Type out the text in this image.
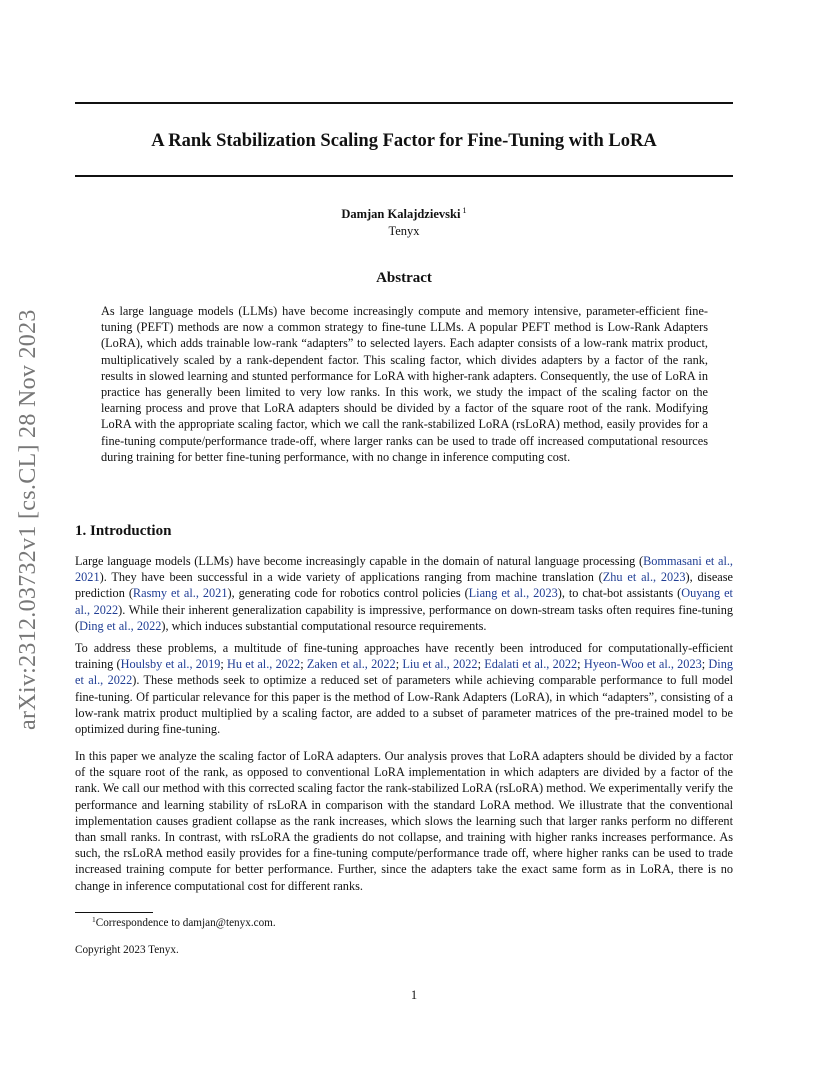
arXiv:2312.03732v1 [cs.CL] 28 Nov 2023
A Rank Stabilization Scaling Factor for Fine-Tuning with LoRA
Damjan Kalajdzievski $^1$
Tenyx
Abstract
As large language models (LLMs) have become increasingly compute and memory intensive, parameter-efficient fine-tuning (PEFT) methods are now a common strategy to fine-tune LLMs. A popular PEFT method is Low-Rank Adapters (LoRA), which adds trainable low-rank “adapters” to selected layers. Each adapter consists of a low-rank matrix product, multiplicatively scaled by a rank-dependent factor. This scaling factor, which divides adapters by a factor of the rank, results in slowed learning and stunted performance for LoRA with higher-rank adapters. Consequently, the use of LoRA in practice has generally been limited to very low ranks. In this work, we study the impact of the scaling factor on the learning process and prove that LoRA adapters should be divided by a factor of the square root of the rank. Modifying LoRA with the appropriate scaling factor, which we call the rank-stabilized LoRA (rsLoRA) method, easily provides for a fine-tuning compute/performance trade-off, where larger ranks can be used to trade off increased computational resources during training for better fine-tuning performance, with no change in inference computing cost.
1. Introduction
Large language models (LLMs) have become increasingly capable in the domain of natural language processing (Bommasani et al., 2021). They have been successful in a wide variety of applications ranging from machine translation (Zhu et al., 2023), disease prediction (Rasmy et al., 2021), generating code for robotics control policies (Liang et al., 2023), to chat-bot assistants (Ouyang et al., 2022). While their inherent generalization capability is impressive, performance on down-stream tasks often requires fine-tuning (Ding et al., 2022), which induces substantial computational resource requirements.
To address these problems, a multitude of fine-tuning approaches have recently been introduced for computationally-efficient training (Houlsby et al., 2019; Hu et al., 2022; Zaken et al., 2022; Liu et al., 2022; Edalati et al., 2022; Hyeon-Woo et al., 2023; Ding et al., 2022). These methods seek to optimize a reduced set of parameters while achieving comparable performance to full model fine-tuning. Of particular relevance for this paper is the method of Low-Rank Adapters (LoRA), in which “adapters”, consisting of a low-rank matrix product multiplied by a scaling factor, are added to a subset of parameter matrices of the pre-trained model to be optimized during fine-tuning.
In this paper we analyze the scaling factor of LoRA adapters. Our analysis proves that LoRA adapters should be divided by a factor of the square root of the rank, as opposed to conventional LoRA implementation in which adapters are divided by a factor of the rank. We call our method with this corrected scaling factor the rank-stabilized LoRA (rsLoRA) method. We experimentally verify the performance and learning stability of rsLoRA in comparison with the standard LoRA method. We illustrate that the conventional implementation causes gradient collapse as the rank increases, which slows the learning such that larger ranks perform no different than small ranks. In contrast, with rsLoRA the gradients do not collapse, and training with higher ranks increases performance. As such, the rsLoRA method easily provides for a fine-tuning compute/performance trade off, where higher ranks can be used to trade increased training compute for better performance. Further, since the adapters take the exact same form as in LoRA, there is no change in inference computational cost for different ranks.
$^1$Correspondence to damjan@tenyx.com.
Copyright 2023 Tenyx.
1
